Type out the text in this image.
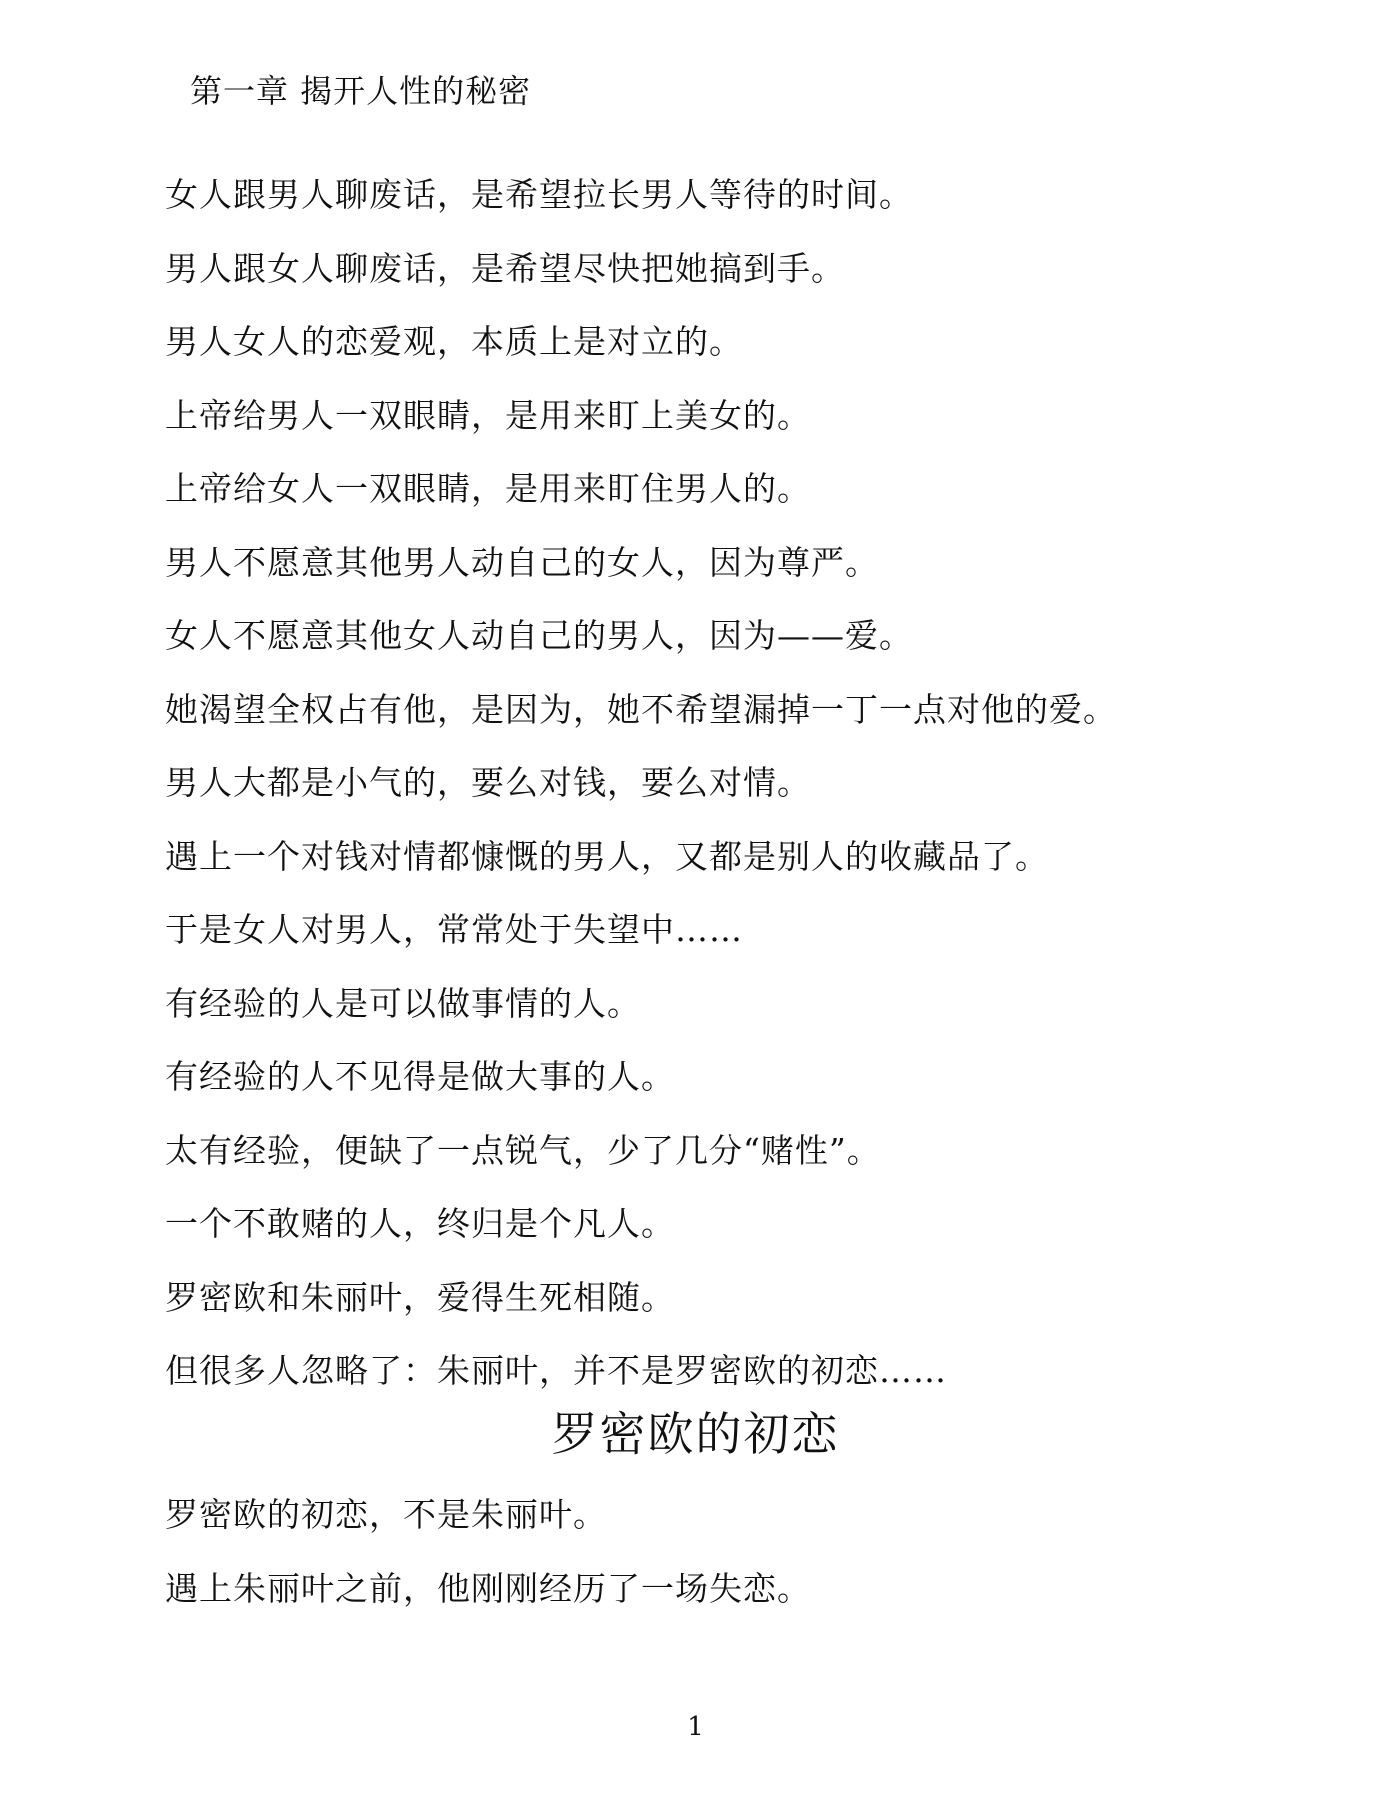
第一章 揭开人性的秘密
女人跟男人聊废话，是希望拉长男人等待的时间。
男人跟女人聊废话，是希望尽快把她搞到手。
男人女人的恋爱观，本质上是对立的。
上帝给男人一双眼睛，是用来盯上美女的。
上帝给女人一双眼睛，是用来盯住男人的。
男人不愿意其他男人动自己的女人，因为尊严。
女人不愿意其他女人动自己的男人，因为——爱。
她渴望全权占有他，是因为，她不希望漏掉一丁一点对他的爱。
男人大都是小气的，要么对钱，要么对情。
遇上一个对钱对情都慷慨的男人，又都是别人的收藏品了。
于是女人对男人，常常处于失望中……
有经验的人是可以做事情的人。
有经验的人不见得是做大事的人。
太有经验，便缺了一点锐气，少了几分“赌性”。
一个不敢赌的人，终归是个凡人。
罗密欧和朱丽叶，爱得生死相随。
但很多人忽略了：朱丽叶，并不是罗密欧的初恋……
罗密欧的初恋
罗密欧的初恋，不是朱丽叶。
遇上朱丽叶之前，他刚刚经历了一场失恋。
1
